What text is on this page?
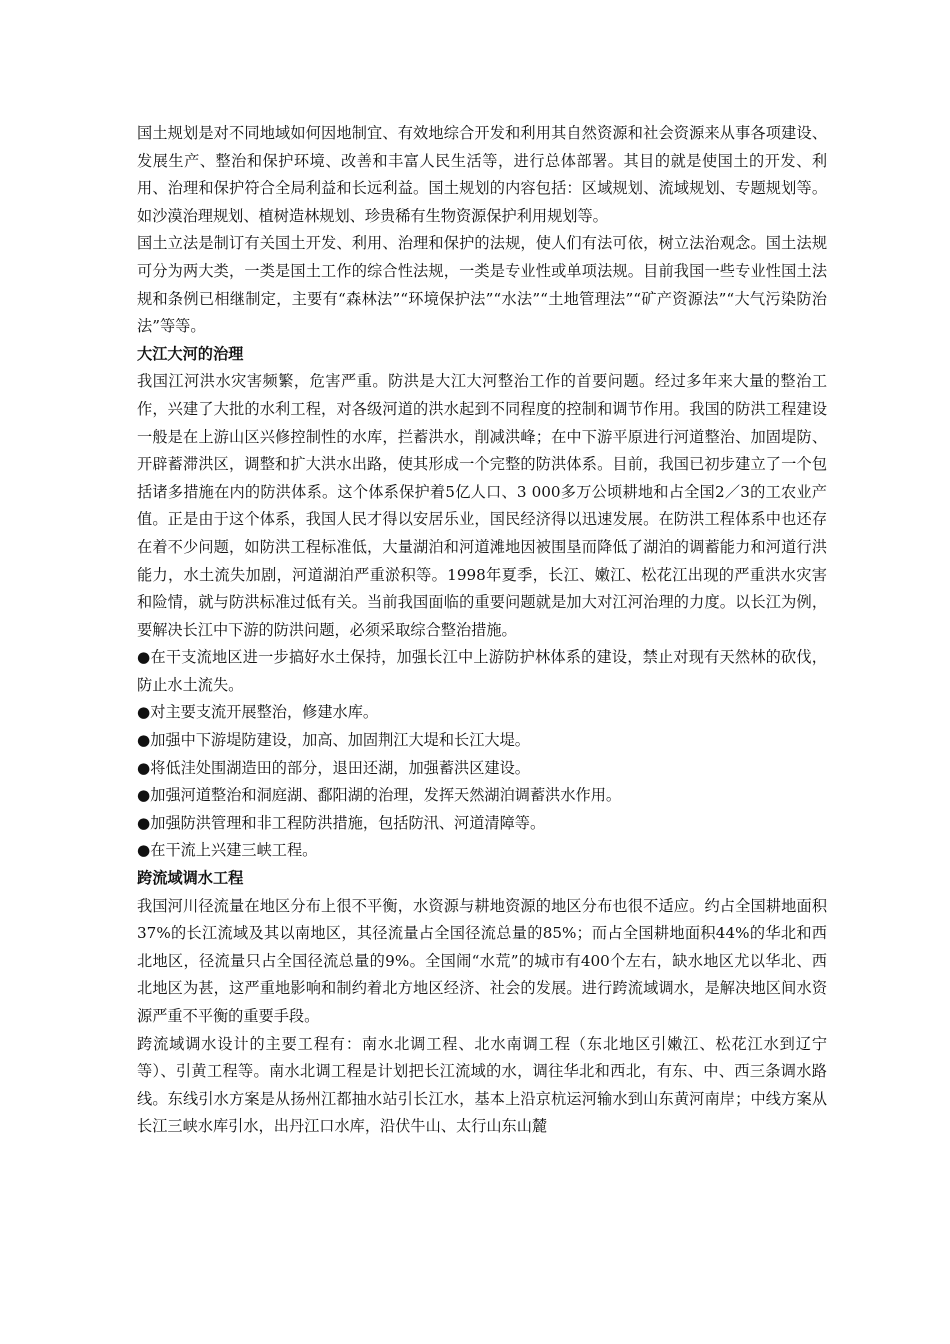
国土规划是对不同地域如何因地制宜、有效地综合开发和利用其自然资源和社会资源来从事各项建设、发展生产、整治和保护环境、改善和丰富人民生活等，进行总体部署。其目的就是使国土的开发、利用、治理和保护符合全局利益和长远利益。国土规划的内容包括：区域规划、流域规划、专题规划等。如沙漠治理规划、植树造林规划、珍贵稀有生物资源保护利用规划等。

国土立法是制订有关国土开发、利用、治理和保护的法规，使人们有法可依，树立法治观念。国土法规可分为两大类，一类是国土工作的综合性法规，一类是专业性或单项法规。目前我国一些专业性国土法规和条例已相继制定，主要有“森林法”“环境保护法”“水法”“土地管理法”“矿产资源法”“大气污染防治法”等等。

大江大河的治理

我国江河洪水灾害频繁，危害严重。防洪是大江大河整治工作的首要问题。经过多年来大量的整治工作，兴建了大批的水利工程，对各级河道的洪水起到不同程度的控制和调节作用。我国的防洪工程建设一般是在上游山区兴修控制性的水库，拦蓄洪水，削减洪峰；在中下游平原进行河道整治、加固堤防、开辟蓄滞洪区，调整和扩大洪水出路，使其形成一个完整的防洪体系。目前，我国已初步建立了一个包括诸多措施在内的防洪体系。这个体系保护着5亿人口、3 000多万公顷耕地和占全国2／3的工农业产值。正是由于这个体系，我国人民才得以安居乐业，国民经济得以迅速发展。在防洪工程体系中也还存在着不少问题，如防洪工程标准低，大量湖泊和河道滩地因被围垦而降低了湖泊的调蓄能力和河道行洪能力，水土流失加剧，河道湖泊严重淤积等。1998年夏季，长江、嫩江、松花江出现的严重洪水灾害和险情，就与防洪标准过低有关。当前我国面临的重要问题就是加大对江河治理的力度。以长江为例，要解决长江中下游的防洪问题，必须采取综合整治措施。

●在干支流地区进一步搞好水土保持，加强长江中上游防护林体系的建设，禁止对现有天然林的砍伐，防止水土流失。

●对主要支流开展整治，修建水库。

●加强中下游堤防建设，加高、加固荆江大堤和长江大堤。

●将低洼处围湖造田的部分，退田还湖，加强蓄洪区建设。

●加强河道整治和洞庭湖、鄱阳湖的治理，发挥天然湖泊调蓄洪水作用。

●加强防洪管理和非工程防洪措施，包括防汛、河道清障等。

●在干流上兴建三峡工程。

跨流域调水工程

我国河川径流量在地区分布上很不平衡，水资源与耕地资源的地区分布也很不适应。约占全国耕地面积37%的长江流域及其以南地区，其径流量占全国径流总量的85%；而占全国耕地面积44%的华北和西北地区，径流量只占全国径流总量的9%。全国闹“水荒”的城市有400个左右，缺水地区尤以华北、西北地区为甚，这严重地影响和制约着北方地区经济、社会的发展。进行跨流域调水，是解决地区间水资源严重不平衡的重要手段。

跨流域调水设计的主要工程有：南水北调工程、北水南调工程（东北地区引嫩江、松花江水到辽宁等）、引黄工程等。南水北调工程是计划把长江流域的水，调往华北和西北，有东、中、西三条调水路线。东线引水方案是从扬州江都抽水站引长江水，基本上沿京杭运河输水到山东黄河南岸；中线方案从长江三峡水库引水，出丹江口水库，沿伏牛山、太行山东山麓
